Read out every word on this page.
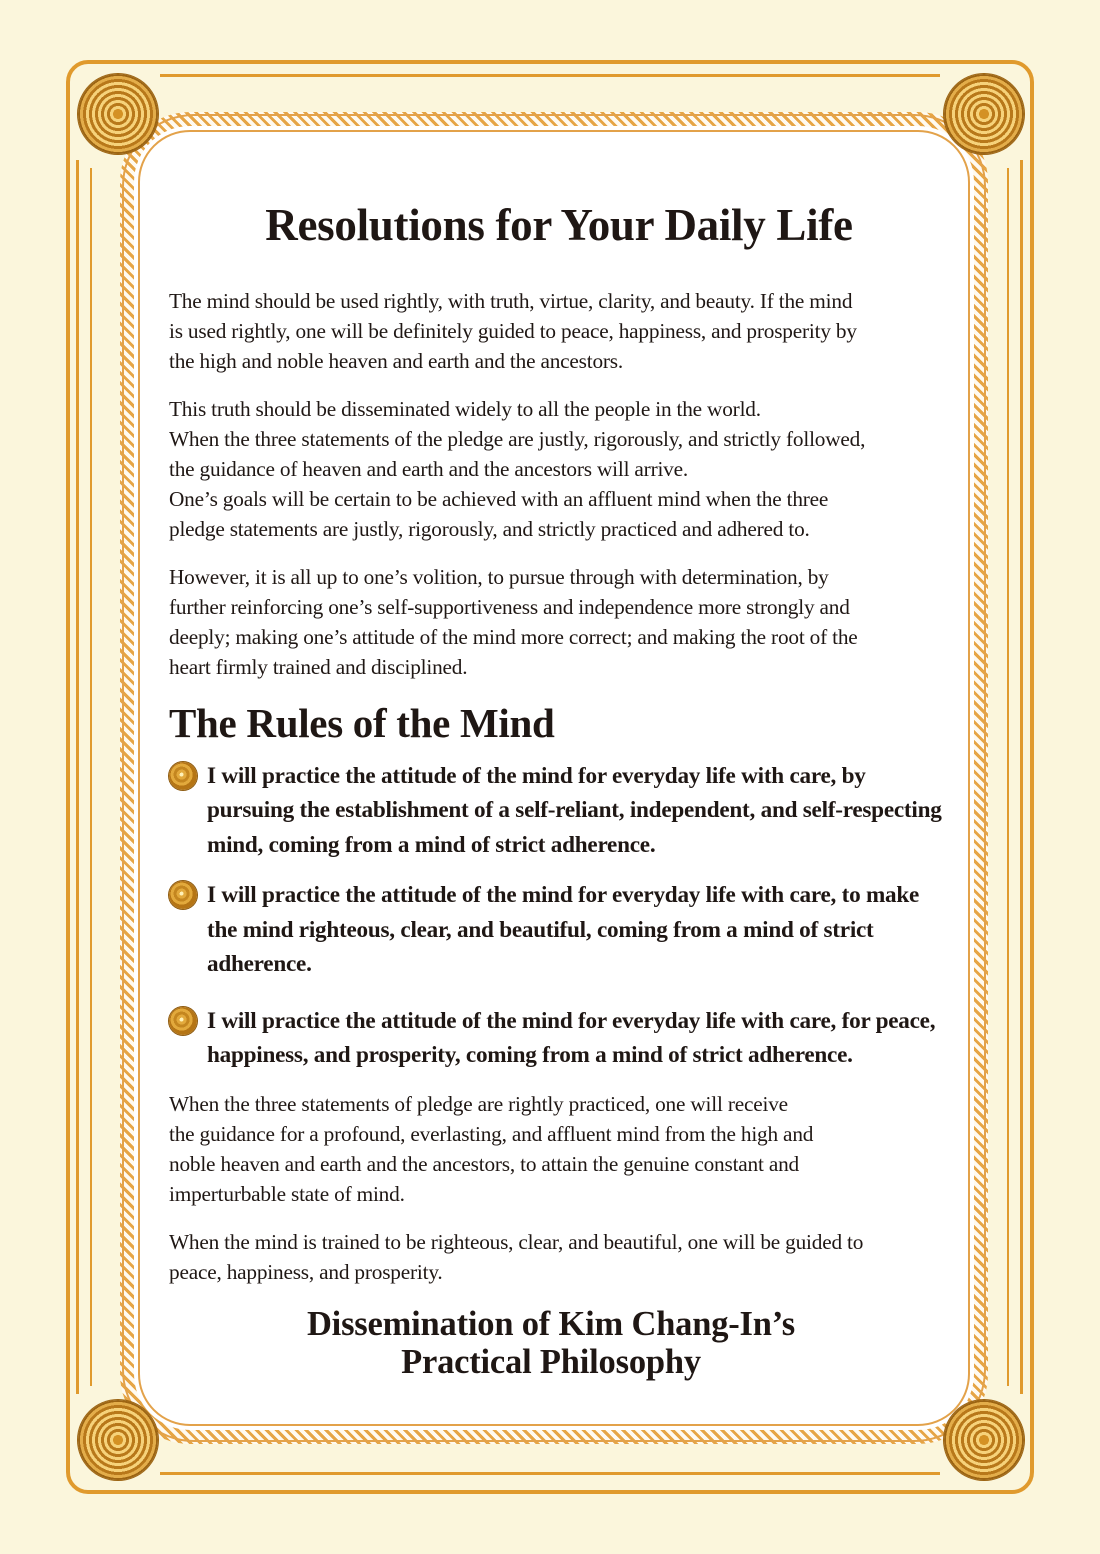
Resolutions for Your Daily Life

The mind should be used rightly, with truth, virtue, clarity, and beauty. If the mind
is used rightly, one will be definitely guided to peace, happiness, and prosperity by
the high and noble heaven and earth and the ancestors.

This truth should be disseminated widely to all the people in the world.
When the three statements of the pledge are justly, rigorously, and strictly followed,
the guidance of heaven and earth and the ancestors will arrive.
One’s goals will be certain to be achieved with an affluent mind when the three
pledge statements are justly, rigorously, and strictly practiced and adhered to.

However, it is all up to one’s volition, to pursue through with determination, by
further reinforcing one’s self-supportiveness and independence more strongly and
deeply; making one’s attitude of the mind more correct; and making the root of the
heart firmly trained and disciplined.

The Rules of the Mind
I will practice the attitude of the mind for everyday life with care, by pursuing the establishment of a self-reliant, independent, and self-respecting mind, coming from a mind of strict adherence.
I will practice the attitude of the mind for everyday life with care, to make the mind righteous, clear, and beautiful, coming from a mind of strict adherence.
I will practice the attitude of the mind for everyday life with care, for peace, happiness, and prosperity, coming from a mind of strict adherence.

When the three statements of pledge are rightly practiced, one will receive
the guidance for a profound, everlasting, and affluent mind from the high and
noble heaven and earth and the ancestors, to attain the genuine constant and
imperturbable state of mind.

When the mind is trained to be righteous, clear, and beautiful, one will be guided to
peace, happiness, and prosperity.

Dissemination of Kim Chang-In’s
Practical Philosophy
